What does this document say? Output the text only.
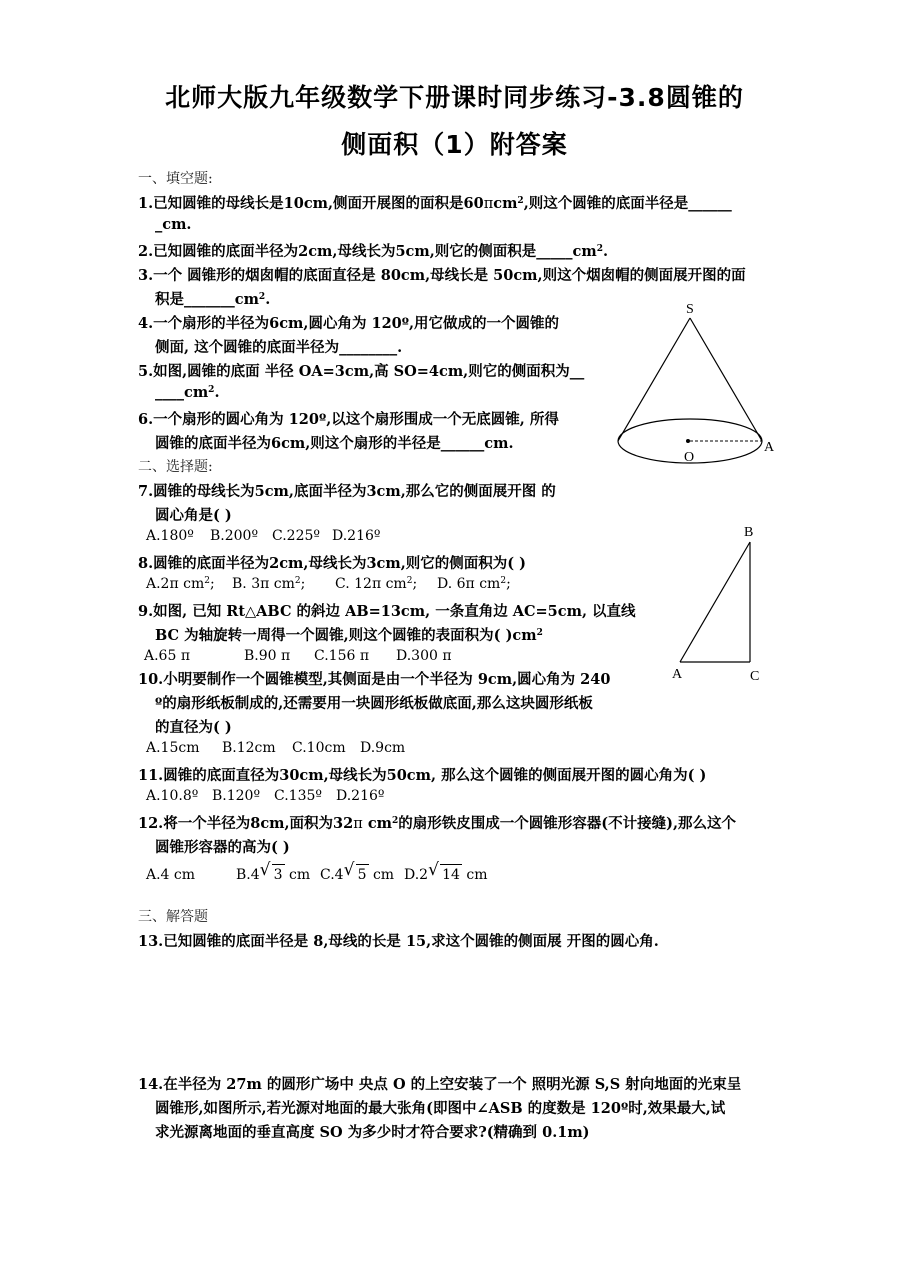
北师大版九年级数学下册课时同步练习-3.8圆锥的
侧面积（1）附答案
一、填空题:
1.已知圆锥的母线长是10cm,侧面开展图的面积是60πcm$^2$,则这个圆锥的底面半径是______
_cm.
2.已知圆锥的底面半径为2cm,母线长为5cm,则它的侧面积是$\_\_\_\_\_cm^2$.
3.一个 圆锥形的烟囱帽的底面直径是 80cm,母线长是 50cm,则这个烟囱帽的侧面展开图的面
积是$\_\_\_\_\_\_\_cm^2$.
4.一个扇形的半径为6cm,圆心角为 120º,用它做成的一个圆锥的
侧面, 这个圆锥的底面半径为________.
5.如图,圆锥的底面 半径 OA=3cm,高 SO=4cm,则它的侧面积为__
$\_\_\_\_cm^2$.
6.一个扇形的圆心角为 120º,以这个扇形围成一个无底圆锥, 所得
圆锥的底面半径为6cm,则这个扇形的半径是______cm.
S
O
A
二、选择题:
7.圆锥的母线长为5cm,底面半径为3cm,那么它的侧面展开图 的
圆心角是( )
A.180º B.200º C.225º D.216º
8.圆锥的底面半径为2cm,母线长为3cm,则它的侧面积为( )
A.2π $cm^2$; B. 3π $cm^2$; C. 12π $cm^2$; D. 6π $cm^2$;
9.如图, 已知 Rt△ABC 的斜边 AB=13cm, 一条直角边 AC=5cm, 以直线
BC 为轴旋转一周得一个圆锥,则这个圆锥的表面积为( )$cm^2$
A.65 π	B.90 π C.156 π D.300 π
B
A	C
10.小明要制作一个圆锥模型,其侧面是由一个半径为 9cm,圆心角为 240
º的扇形纸板制成的,还需要用一块圆形纸板做底面,那么这块圆形纸板
的直径为( )
A.15cm B.12cm C.10cm D.9cm
11.圆锥的底面直径为30cm,母线长为50cm, 那么这个圆锥的侧面展开图的圆心角为( )
A.10.8º B.120º C.135º D.216º
12.将一个半径为8cm,面积为32π $cm^2$的扇形铁皮围成一个圆锥形容器(不计接缝),那么这个
圆锥形容器的高为( )
A.4 cm	B.4 √ 3 cm C.4 √ 5 cm D.2 √ 14 cm
三、解答题
13.已知圆锥的底面半径是 8,母线的长是 15,求这个圆锥的侧面展 开图的圆心角.
14.在半径为 27m 的圆形广场中 央点 O 的上空安装了一个 照明光源 S,S 射向地面的光束呈
圆锥形,如图所示,若光源对地面的最大张角(即图中∠ASB 的度数是 120º时,效果最大,试
求光源离地面的垂直高度 SO 为多少时才符合要求?(精确到 0.1m)
